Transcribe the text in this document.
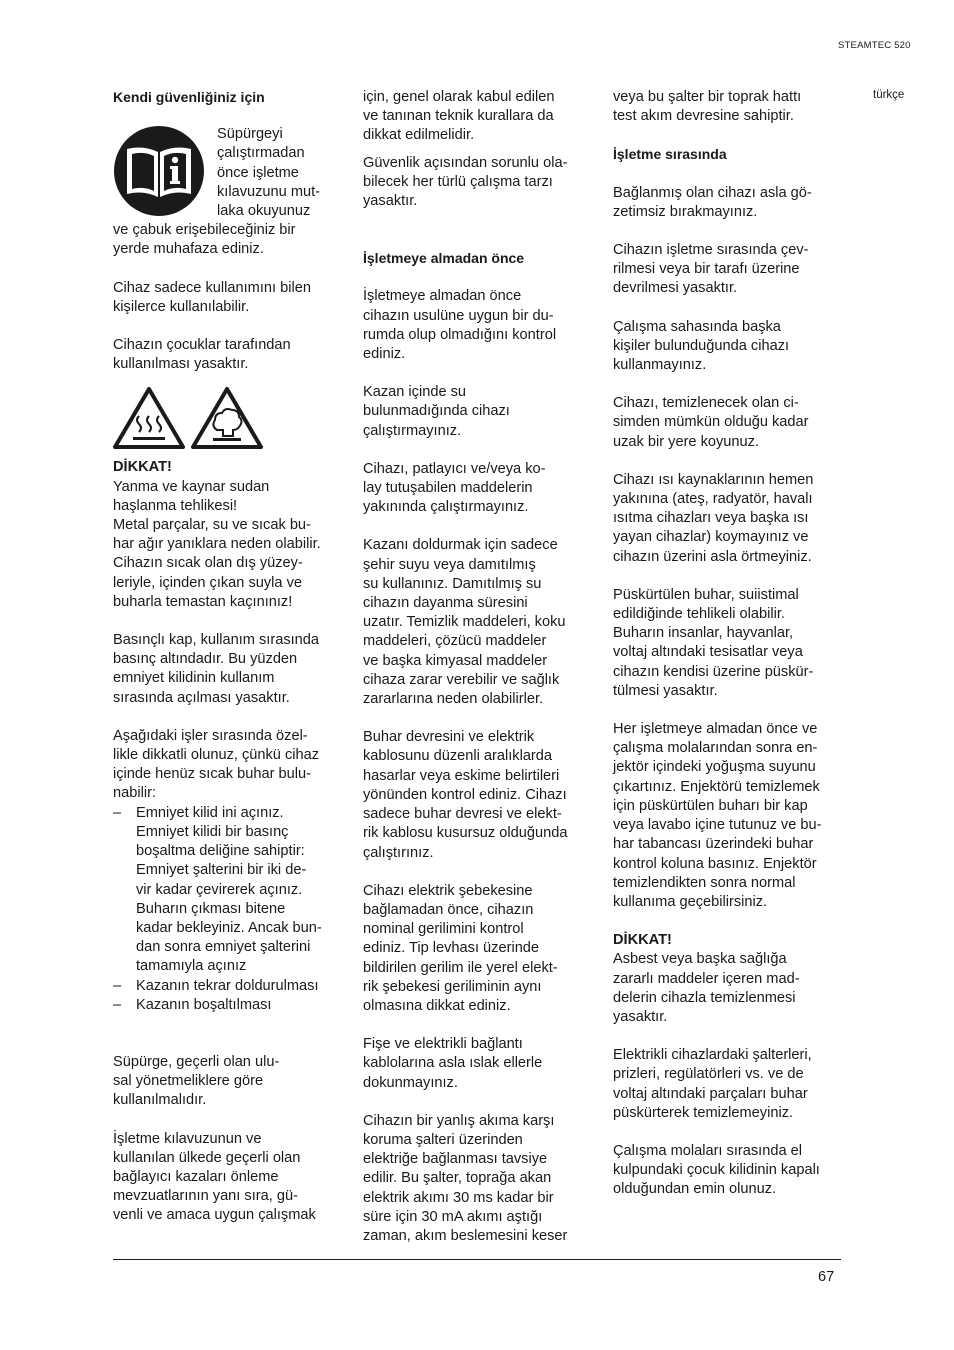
STEAMTEC 520
türkçe

Kendi güvenliğiniz için

Süpürgeyi
çalıştırmadan
önce işletme
kılavuzunu mut-
laka okuyunuz

ve çabuk erişebileceğiniz bir
yerde muhafaza ediniz.

Cihaz sadece kullanımını bilen
kişilerce kullanılabilir.

Cihazın çocuklar tarafından
kullanılması yasaktır.

DİKKAT!

Yanma ve kaynar sudan
haşlanma tehlikesi!
Metal parçalar, su ve sıcak bu-
har ağır yanıklara neden olabilir.
Cihazın sıcak olan dış yüzey-
leriyle, içinden çıkan suyla ve
buharla temastan kaçınınız!

Basınçlı kap, kullanım sırasında
basınç altındadır. Bu yüzden
emniyet kilidinin kullanım
sırasında açılması yasaktır.

Aşağıdaki işler sırasında özel-
likle dikkatli olunuz, çünkü cihaz
içinde henüz sıcak buhar bulu-
nabilir:

– Emniyet kilid ini açınız.
Emniyet kilidi bir basınç
boşaltma deliğine sahiptir:
Emniyet şalterini bir iki de-
vir kadar çevirerek açınız.
Buharın çıkması bitene
kadar bekleyiniz. Ancak bun-
dan sonra emniyet şalterini
tamamıyla açınız
– Kazanın tekrar doldurulması
– Kazanın boşaltılması

Süpürge, geçerli olan ulu-
sal yönetmeliklere göre
kullanılmalıdır.

İşletme kılavuzunun ve
kullanılan ülkede geçerli olan
bağlayıcı kazaları önleme
mevzuatlarının yanı sıra, gü-
venli ve amaca uygun çalışmak

için, genel olarak kabul edilen
ve tanınan teknik kurallara da
dikkat edilmelidir.

Güvenlik açısından sorunlu ola-
bilecek her türlü çalışma tarzı
yasaktır.

İşletmeye almadan önce

İşletmeye almadan önce
cihazın usulüne uygun bir du-
rumda olup olmadığını kontrol
ediniz.

Kazan içinde su
bulunmadığında cihazı
çalıştırmayınız.

Cihazı, patlayıcı ve/veya ko-
lay tutuşabilen maddelerin
yakınında çalıştırmayınız.

Kazanı doldurmak için sadece
şehir suyu veya damıtılmış
su kullanınız. Damıtılmış su
cihazın dayanma süresini
uzatır. Temizlik maddeleri, koku
maddeleri, çözücü maddeler
ve başka kimyasal maddeler
cihaza zarar verebilir ve sağlık
zararlarına neden olabilirler.

Buhar devresini ve elektrik
kablosunu düzenli aralıklarda
hasarlar veya eskime belirtileri
yönünden kontrol ediniz. Cihazı
sadece buhar devresi ve elekt-
rik kablosu kusursuz olduğunda
çalıştırınız.

Cihazı elektrik şebekesine
bağlamadan önce, cihazın
nominal gerilimini kontrol
ediniz. Tip levhası üzerinde
bildirilen gerilim ile yerel elekt-
rik şebekesi geriliminin aynı
olmasına dikkat ediniz.

Fişe ve elektrikli bağlantı
kablolarına asla ıslak ellerle
dokunmayınız.

Cihazın bir yanlış akıma karşı
koruma şalteri üzerinden
elektriğe bağlanması tavsiye
edilir. Bu şalter, toprağa akan
elektrik akımı 30 ms kadar bir
süre için 30 mA akımı aştığı
zaman, akım beslemesini keser

veya bu şalter bir toprak hattı
test akım devresine sahiptir.

İşletme sırasında

Bağlanmış olan cihazı asla gö-
zetimsiz bırakmayınız.

Cihazın işletme sırasında çev-
rilmesi veya bir tarafı üzerine
devrilmesi yasaktır.

Çalışma sahasında başka
kişiler bulunduğunda cihazı
kullanmayınız.

Cihazı, temizlenecek olan ci-
simden mümkün olduğu kadar
uzak bir yere koyunuz.

Cihazı ısı kaynaklarının hemen
yakınına (ateş, radyatör, havalı
ısıtma cihazları veya başka ısı
yayan cihazlar) koymayınız ve
cihazın üzerini asla örtmeyiniz.

Püskürtülen buhar, suiistimal
edildiğinde tehlikeli olabilir.
Buharın insanlar, hayvanlar,
voltaj altındaki tesisatlar veya
cihazın kendisi üzerine püskür-
tülmesi yasaktır.

Her işletmeye almadan önce ve
çalışma molalarından sonra en-
jektör içindeki yoğuşma suyunu
çıkartınız. Enjektörü temizlemek
için püskürtülen buharı bir kap
veya lavabo içine tutunuz ve bu-
har tabancası üzerindeki buhar
kontrol koluna basınız. Enjektör
temizlendikten sonra normal
kullanıma geçebilirsiniz.

DİKKAT!

Asbest veya başka sağlığa
zararlı maddeler içeren mad-
delerin cihazla temizlenmesi
yasaktır.

Elektrikli cihazlardaki şalterleri,
prizleri, regülatörleri vs. ve de
voltaj altındaki parçaları buhar
püskürterek temizlemeyiniz.

Çalışma molaları sırasında el
kulpundaki çocuk kilidinin kapalı
olduğundan emin olunuz.

67
